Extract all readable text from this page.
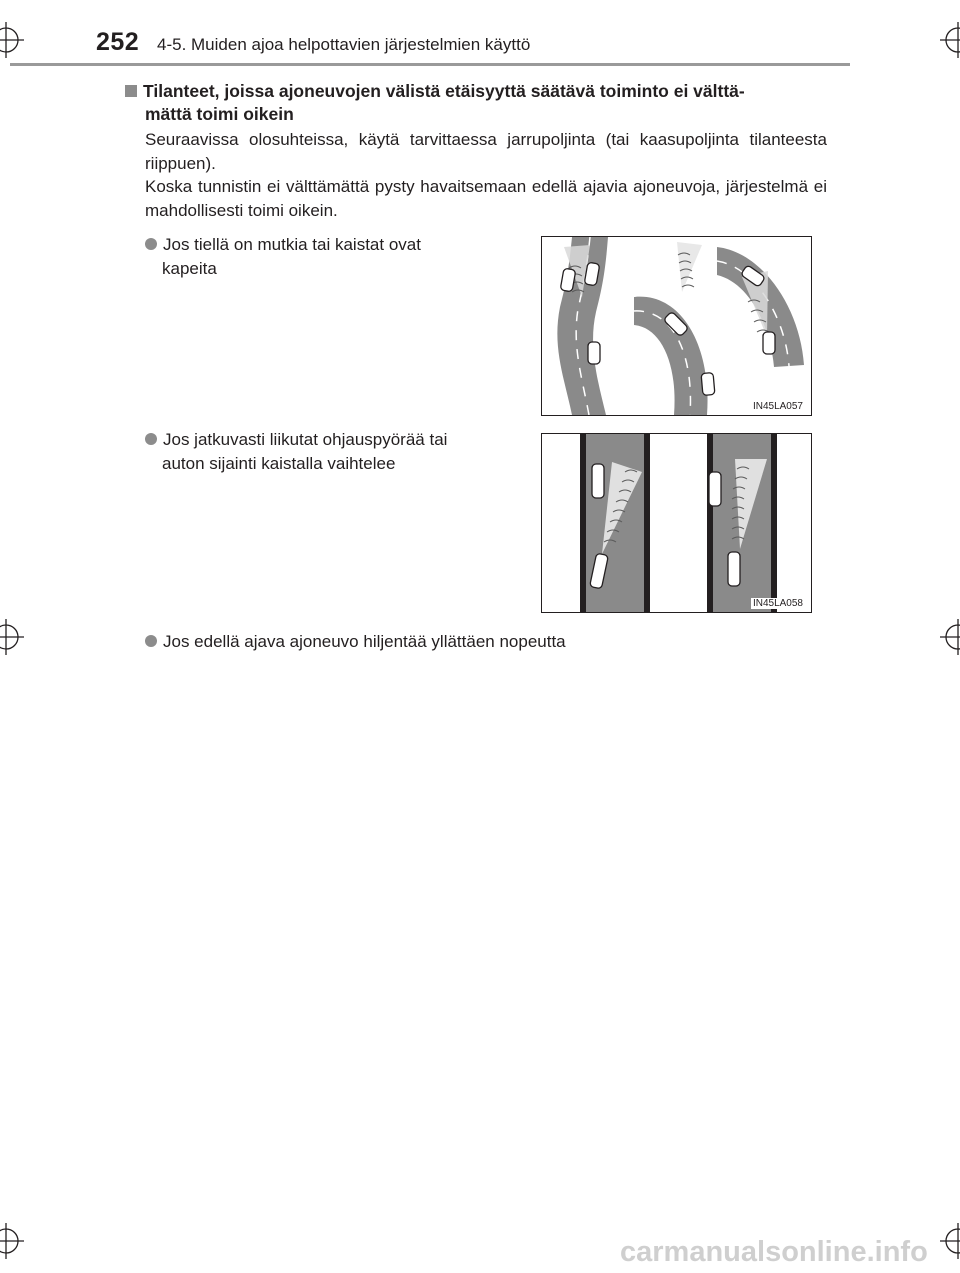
252 4-5. Muiden ajoa helpottavien järjestelmien käyttö
Tilanteet, joissa ajoneuvojen välistä etäisyyttä säätävä toiminto ei välttä-
mättä toimi oikein

Seuraavissa olosuhteissa, käytä tarvittaessa jarrupoljinta (tai kaasupoljinta tilanteesta riippuen).

Koska tunnistin ei välttämättä pysty havaitsemaan edellä ajavia ajoneuvoja, järjestelmä ei mahdollisesti toimi oikein.

Jos tiellä on mutkia tai kaistat ovat
kapeita
IN45LA057
Jos jatkuvasti liikutat ohjauspyörää tai
auton sijainti kaistalla vaihtelee
IN45LA058
Jos edellä ajava ajoneuvo hiljentää yllättäen nopeutta
carmanualsonline.info
